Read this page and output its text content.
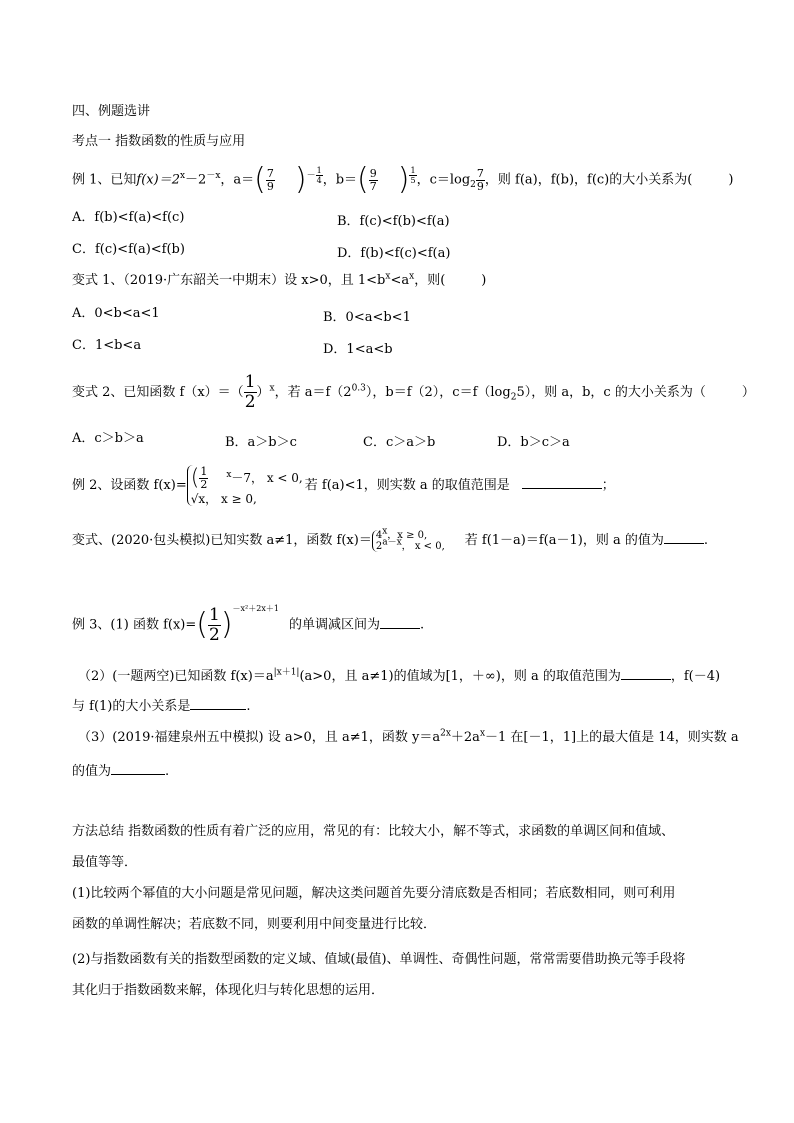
四、例题选讲
考点一 指数函数的性质与应用
例 1、已知$f(x)=2^x-2^{-x}$，$a=( \frac{7}{9} )^{- \frac{1}{4}}$ ，$b=( \frac{9}{7}$ ) $^{\frac{1}{5}}$ ，$c=\log_2 \frac{7}{9}$ ，则 f(a)，f(b)，f(c)的大小关系为(	)
A．f(b)<f(a)<f(c)	B．f(c)<f(b)<f(a)
C．f(c)<f(a)<f(b)	D．f(b)<f(c)<f(a)
变式 1、（2019·广东韶关一中期末）设 x>0，且 $1<b^x<a^x$，则(	)
A．0<b<a<1	B．0<a<b<1
C．1<b<a	D．1<a<b
变式 2、已知函数 $f(x)=( \frac{1}{2} )^x$，若 $a=f(2^{0.3})$，b＝f（2），$c=f(\log_25)$，则 a，b，c 的大小关系为（	）
A．c＞b＞a	B．a＞b＞c	C．c＞a＞b	D．b＞c＞a
例 2、设函数 f(x)= ( $\frac{1}{2} ^x-7$， x < 0,
√x， x ≥ 0,
若 f(a)<1，则实数 a 的取值范围是	；
变式、(2020·包头模拟)已知实数 a≠1，函数 $f(x)= 4^x$，x ≥ 0,
$2^{a-x}$， x < 0, 若 f(1－a)＝f(a－1)，则 a 的值为	.
例 3、(1) 函数 $f(x)=( \frac{1}{2} )^{-x^2+2x+1}$的单调减区间为	.
（2）(一题两空)已知函数 $f(x)=a^{|x+1|}(a>0$，且 a≠1)的值域为[1，＋∞)，则 a 的取值范围为	，f(－4)
与 f(1)的大小关系是	.
（3）(2019·福建泉州五中模拟) 设 a>0，且 a≠1，函数 $y=a^{2x}+2a^x-1$ 在[－1，1]上的最大值是 14，则实数 a
的值为	.
方法总结 指数函数的性质有着广泛的应用，常见的有：比较大小，解不等式，求函数的单调区间和值域、
最值等等．
(1)比较两个幂值的大小问题是常见问题，解决这类问题首先要分清底数是否相同；若底数相同，则可利用
函数的单调性解决；若底数不同，则要利用中间变量进行比较．
(2)与指数函数有关的指数型函数的定义域、值域(最值)、单调性、奇偶性问题，常常需要借助换元等手段将
其化归于指数函数来解，体现化归与转化思想的运用．
